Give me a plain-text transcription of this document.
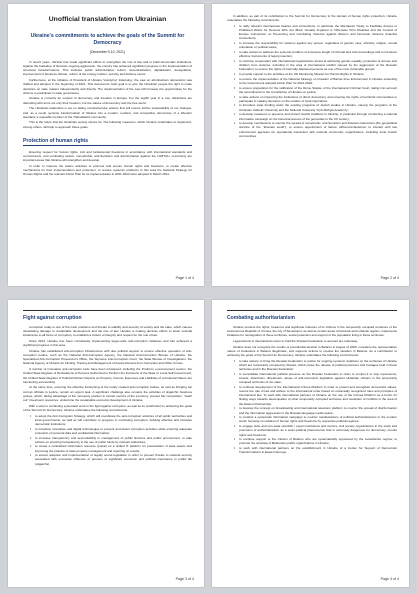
Unofficial translation from Ukrainian
Ukraine's commitments to achieve the goals of the Summit for Democracy
(December 9-10, 2021)

In recent years, Ukraine has made significant efforts to strengthen the rule of law and to build democratic institutions. Against the backdrop of Russia's ongoing aggression, the country has achieved significant progress in the implementation of structural transformations. This includes public administration reform, decentralization, digitalization, deregulation, improvement of business climate, reform of the energy market, security and defense sector.

Furthermore, at the initiative of President of Ukraine Volodymyr Zelenskyy, the Law on all-Ukrainian referendum was drafted and adopted in the beginning of 2021. This document's main goal is to give the Ukrainian people the right to make decisions on state matters independently and directly. The implementation of the Law will increase the opportunities for the citizens to participate in state governance.

Ukraine is currently an outpost of democracy and freedom in Europe. For the eighth year in a row, Ukrainians are defending with arms not only their freedom, but the values of democracy and the free world.

The Ukrainian leadership is set on taking comprehensive actions that will ensure further sustainability of our changes, and, as a result, genuine transformation of Ukraine into a modern, resilient, and competitive democracy of a Western standard, a reputable member of the Transatlantic community.

This is the future that the Ukrainian society strives for. The following measures, which Ukraine undertakes to implement, among others, will help to approach these goals.

Protection of human rights

Ensuring respect for human rights, civil and fundamental freedoms in accordance with international standards and commitments, and combating racism, xenophobia, anti-Semitism and discrimination against the LGBTQI+ community are important areas that Ukraine will strengthen and develop.

In order to improve the state's activities to promote and ensure human rights and freedoms, to create effective mechanisms for their implementation and protection, to resolve systemic problems in this area the National Strategy for Human Rights and the relevant Action Plan for its implementation in 2021-2023 were adopted in March 2021.

Page 1 of 4

In addition, as part of its contribution to the Summit for Democracy in the domain of human rights protection, Ukraine undertakes the following commitments:

• to ratify relevant international treaties and conventions, in particular the Marrakesh Treaty to Facilitate Access to Published Works for Persons Who Are Blind, Visually Impaired or Otherwise Print Disabled and the Council of Europe Convention on Preventing and Combating Violence against Women and Domestic Violence (Istanbul Convention);
• to increase the responsibility for violence against any person, regardless of gender, race, ethnicity, religion, sexual orientation or political views;
• to take actions to address the systemic problem of excessive length of criminal and civil proceedings and to introduce effective instruments of legal protection;
• to continue cooperation with international organizations aimed at achieving gender equality, protection of women and children from violence, including in the area of international conflict caused by the aggression of the Russian Federation; to ensure the rights of internally displaced persons as one of the most vulnerable groups;
• to provide support to the activities of the UN Monitoring Mission for Human Rights in Ukraine;
• to ensure the implementation of the National Strategy on Creation of Barrier-Free Environment in Ukraine extending to the Government adopted Action Plan for 2021-2023;
• to ensure preparation for the ratification of the Rome Statute of the International Criminal Court, taking into account the amendments to the Constitution of Ukraine on justice;
• to take actions on improving the institutions of direct democracy and ensuring the rights of territorial communities to participate in making decisions on the matters of local importance;
• to introduce state funding under the existing programs of Jewish studies in Ukraine, namely the programs of the Ukrainian Catholic University and the National University "Kyiv-Mohyla Academy";
• to develop measures to preserve and protect Jewish traditions in Ukraine, in particular through conducting a national information campaign on the historical lessons of the genocides in the XX century;
• to develop mechanisms to counter the spread of xenophobic, anti-Semitism and Russian chauvinism (the geopolitical doctrine of the "Russian world"); to ensure appointment of liaison officers/ombudsmen to interact with law enforcement agencies for operational interaction with national community organizations, including local Jewish communities.
Page 2 of 4
Fight against corruption

Corruption today is one of the main problems and threats to stability and security of society and the state, which causes devastating damage to sustainable development and the rule of law. Ukraine is making decisive efforts to foster societal intolerance to all forms of corruption, to establish a culture of integrity and respect for the rule of law.

Since 2014, Ukraine has been consistently implementing large-scale anti-corruption initiatives and has achieved a significant progress in this area.

Ukraine has established anti-corruption infrastructure with due political support to ensure effective operation of anti-corruption bodies, such as the National Anti-Corruption Agency, the National Anti-Corruption Bureau of Ukraine, the Specialized Anti-Corruption Prosecutor's Office, the Supreme Anti-Corruption Court, the State Bureau of Investigations, the National Agency of Ukraine for Finding, Tracing and Management of Assets Derived from Corruption and Other Crimes.

A number of innovative anti-corruption tools have been introduced, including the ProZorro e-procurement system, the Unified State Register of Declarations of Persons Authorized to Perform the Functions of the State or Local Self-Government, the Unified State Register of Political Parties' Reports on Property, Income, Expenses and Liabilities of a Financial Nature are functioning successfully.

At the same time, ensuring the effective functioning of the newly created anti-corruption bodies, as well as bringing top corrupt officials to justice, remain an urgent task. A significant challenge also remains the activities of oligarchic business groups, which, taking advantage of the monopoly position in certain sectors of the economy, prevent fair competition, "wash out" investment resources, undermine the sustainable economic development of Ukraine.

With a view to continuing systematic work in the fight against corruption, as well as its contribution to achieving the goals of the Summit for Democracy, Ukraine undertakes the following commitments:

• to adopt the Anti-Corruption Strategy, which will coordinate the anti-corruption activities of all public authorities and local governments, as well as will contribute to progress in combating corruption, building effective and inclusive democratic institutions;
• to introduce innovative and digital technologies to prevent and detect corruption activities while ensuring adequate protection of personal data and confidential information;
• to increase transparency and accountability in management of public finances and public procurement, to take actions on ensuring transparency in the use of public funds by relevant authorities;
• to create a centralized information resource (portal) on a unified IT platform for presentation of state assets and improving the practice of state property management and reporting on results;
• to ensure adoption and implementation of legally sound legislation in order to prevent threats to national security associated with excessive influence of persons of significant economic and political importance in public life (oligarchs).
Page 3 of 4
Combating authoritarianism

Ukraine protects the rights, freedoms and legitimate interests of its citizens in the temporarily occupied territories of the Autonomous Republic of Crimea, the city of Sevastopol, as well as certain areas of Donetsk and Luhansk regions, implements initiatives for reintegration of these territories, social protection and support of the population living in these territories.

Legal actions in international courts to hold the Russian Federation to account are underway.

Ukraine does not recognize the results of presidential election in Belarus in August of 2020, considers the representative nature of institutions in Belarus illegitimate, and supports actions to resolve the situation in Belarus. As a contribution to achieving the goals of the Summit for Democracy, Ukraine undertakes the following commitments:

• to take actions to bring the Russian Federation to justice for ongoing systemic violations on the territories of Ukraine which are temporarily occupied by Russia, which cause the release of political prisoners and hostages held in these territories and in the Russian Federation;
• to consolidate international political pressure on the Russian Federation in order to compel it to stop repressions, arrests, detentions, illtreatment, abuse of anti-extremism legislation against Ukrainian citizens in the temporarily occupied territories of our state;
• to continue development of the International Crimea Platform in order to protect and strengthen democratic values, restore the rule of law and adhere to the international order based on universally recognized rules and principles of international law. To work with international partners of Ukraine on the use of the Crimea Platform as a forum for finding ways towards deoccupation of other temporarily occupied territories and resolution of conflicts in the area of the Eastern Partnership;
• to develop the concept on broadcasting and international television platform to counter the spread of disinformation and the information aggression in the Russian-language media space;
• to conduct a systematic information campaign to counter manifestations of political authoritarianism in the modern world, focusing on violation of human rights and freedoms by respective political regimes;
• to engage state and non-state scientific / expert institutions and centers, civil society organizations in the study and promotion of authoritarianism as a socio-political phenomenon that is extremely dangerous for democracy, human rights and freedoms;
• to continue support to the citizens of Belarus who are systematically oppressed by the Lukashenko regime; to promote the activities of Belarusian public organizations in Ukraine;
• to work with international partners on the establishment in Ukraine of a Center for Support of Democratic Transformations in Eastern Europe.
Page 4 of 4
